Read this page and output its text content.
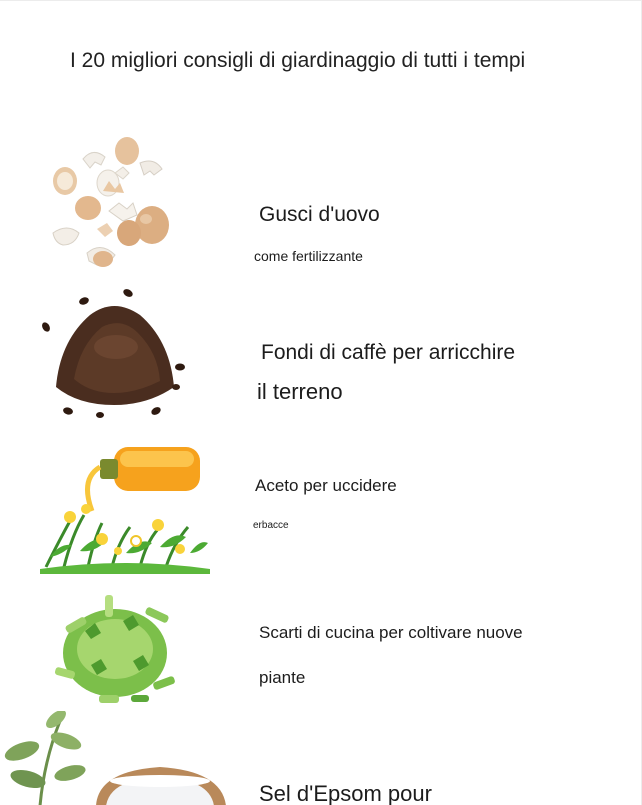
I 20 migliori consigli di giardinaggio di tutti i tempi
Gusci d'uovo
come fertilizzante
Fondi di caffè per arricchire
il terreno
Aceto per uccidere
erbacce
Scarti di cucina per coltivare nuove
piante
Sel d'Epsom pour
